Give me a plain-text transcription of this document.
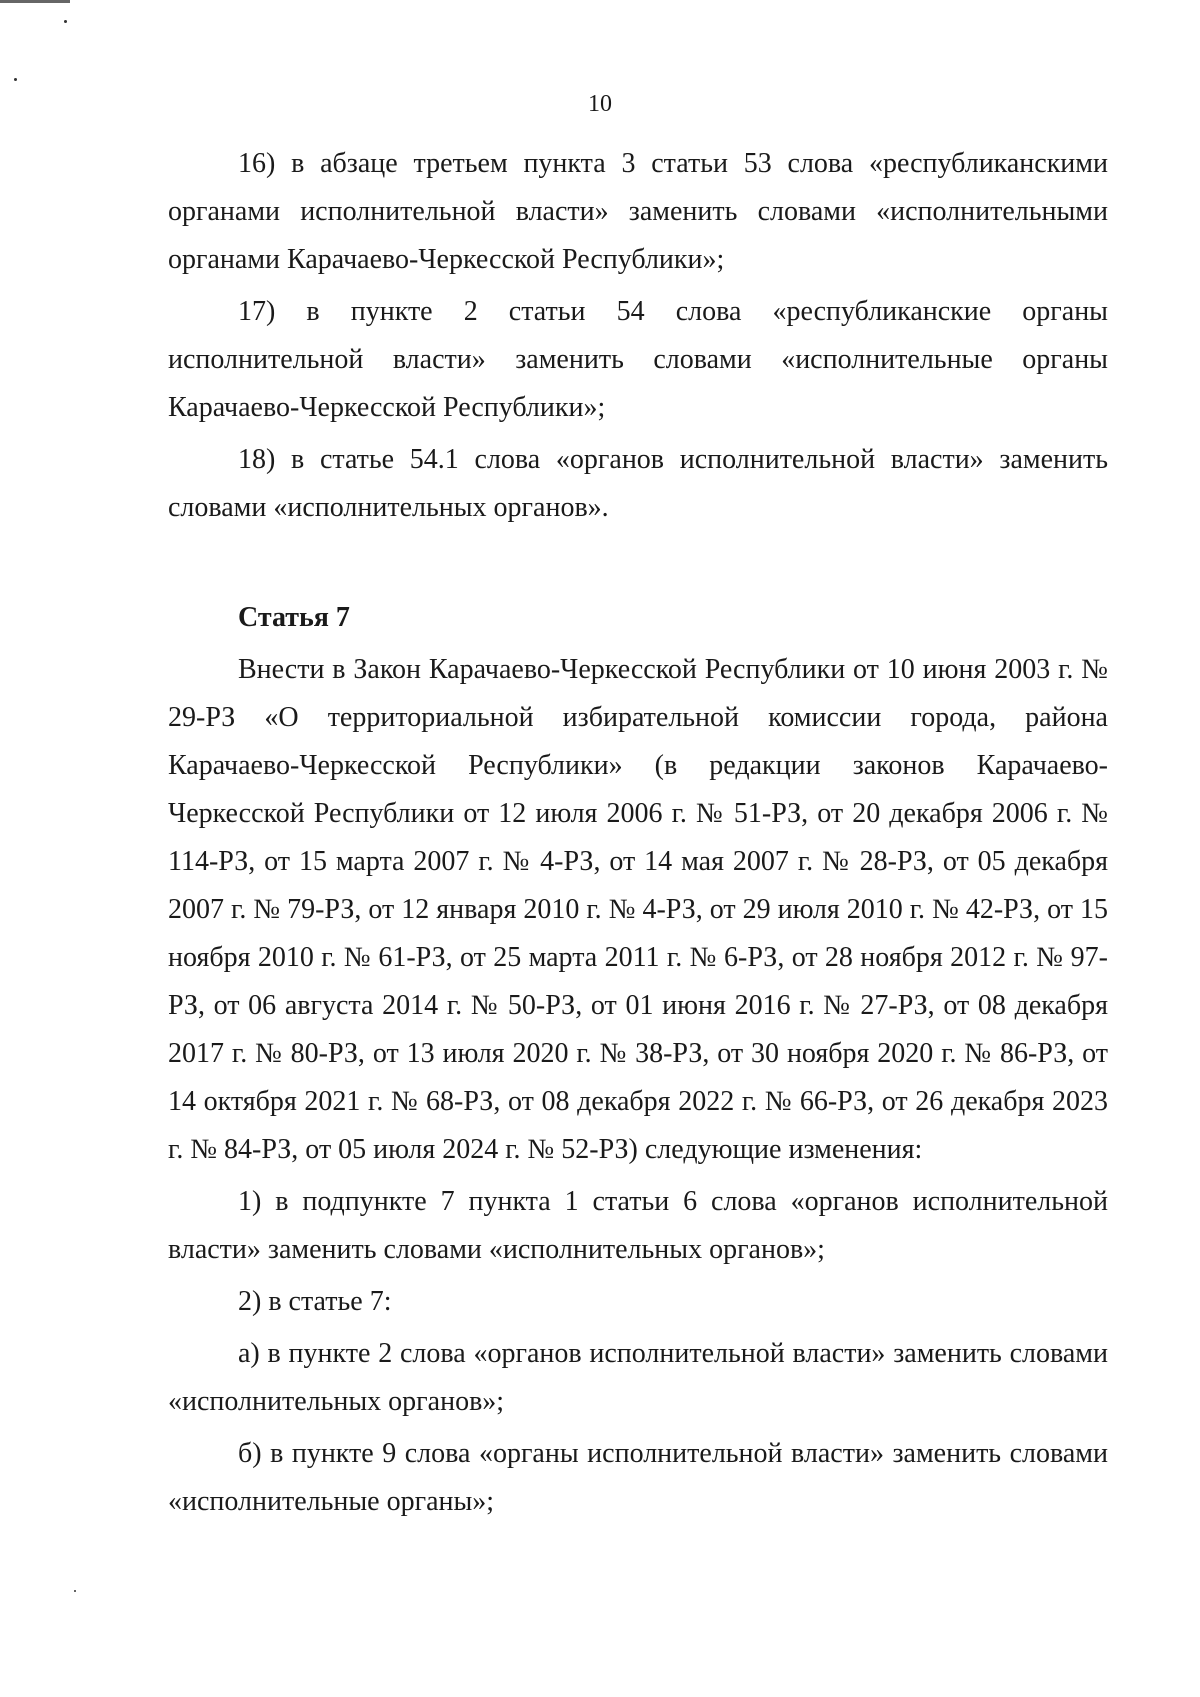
10

16) в абзаце третьем пункта 3 статьи 53 слова «республиканскими органами исполнительной власти» заменить словами «исполнительными органами Карачаево-Черкесской Республики»;

17) в пункте 2 статьи 54 слова «республиканские органы исполнительной власти» заменить словами «исполнительные органы Карачаево-Черкесской Республики»;

18) в статье 54.1 слова «органов исполнительной власти» заменить словами «исполнительных органов».

Статья 7

Внести в Закон Карачаево-Черкесской Республики от 10 июня 2003 г. № 29-РЗ «О территориальной избирательной комиссии города, района Карачаево-Черкесской Республики» (в редакции законов Карачаево-Черкесской Республики от 12 июля 2006 г. № 51-РЗ, от 20 декабря 2006 г. № 114-РЗ, от 15 марта 2007 г. № 4-РЗ, от 14 мая 2007 г. № 28-РЗ, от 05 декабря 2007 г. № 79-РЗ, от 12 января 2010 г. № 4-РЗ, от 29 июля 2010 г. № 42-РЗ, от 15 ноября 2010 г. № 61-РЗ, от 25 марта 2011 г. № 6-РЗ, от 28 ноября 2012 г. № 97-РЗ, от 06 августа 2014 г. № 50-РЗ, от 01 июня 2016 г. № 27-РЗ, от 08 декабря 2017 г. № 80-РЗ, от 13 июля 2020 г. № 38-РЗ, от 30 ноября 2020 г. № 86-РЗ, от 14 октября 2021 г. № 68-РЗ, от 08 декабря 2022 г. № 66-РЗ, от 26 декабря 2023 г. № 84-РЗ, от 05 июля 2024 г. № 52-РЗ) следующие изменения:

1) в подпункте 7 пункта 1 статьи 6 слова «органов исполнительной власти» заменить словами «исполнительных органов»;

2) в статье 7:

а) в пункте 2 слова «органов исполнительной власти» заменить словами «исполнительных органов»;

б) в пункте 9 слова «органы исполнительной власти» заменить словами «исполнительные органы»;
